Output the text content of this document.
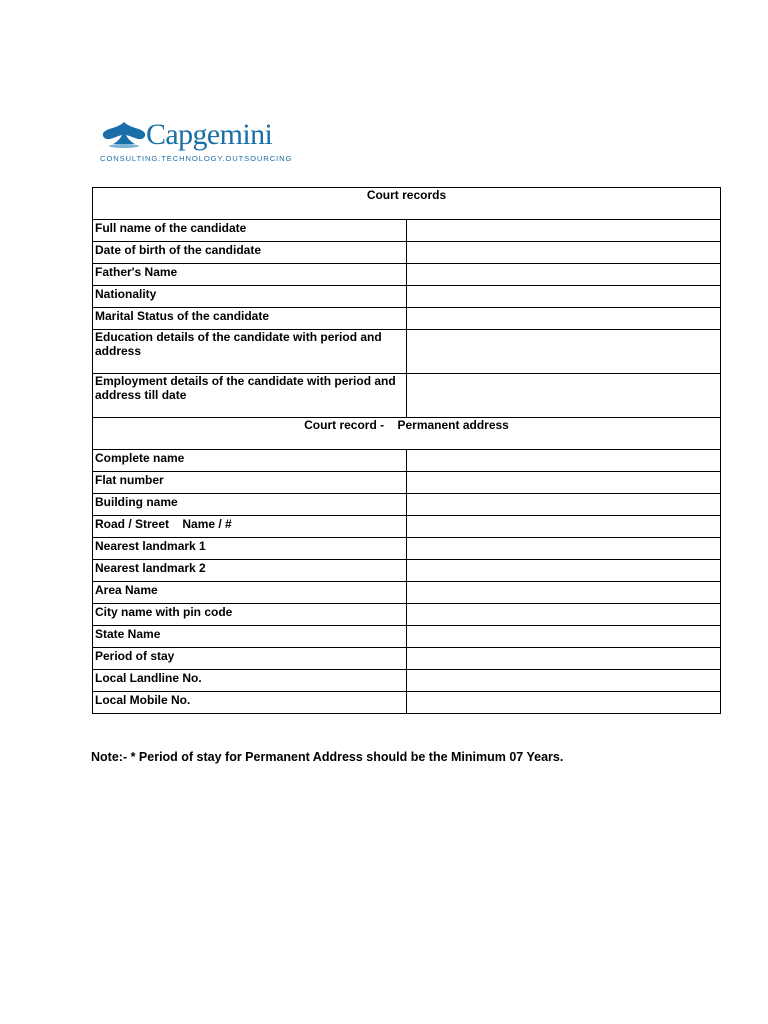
Capgemini
CONSULTING.TECHNOLOGY.OUTSOURCING
Court records	
Full name of the candidate	
Date of birth of the candidate	
Father's Name	
Nationality	
Marital Status of the candidate	
Education details of the candidate with period and address	
Employment details of the candidate with period and address till date	
Court record -    Permanent address	
Complete name	
Flat number	
Building name	
Road / Street    Name / #	
Nearest landmark 1	
Nearest landmark 2	
Area Name	
City name with pin code	
State Name	
Period of stay	
Local Landline No.	
Local Mobile No.	
Note:- * Period of stay for Permanent Address should be the Minimum 07 Years.
